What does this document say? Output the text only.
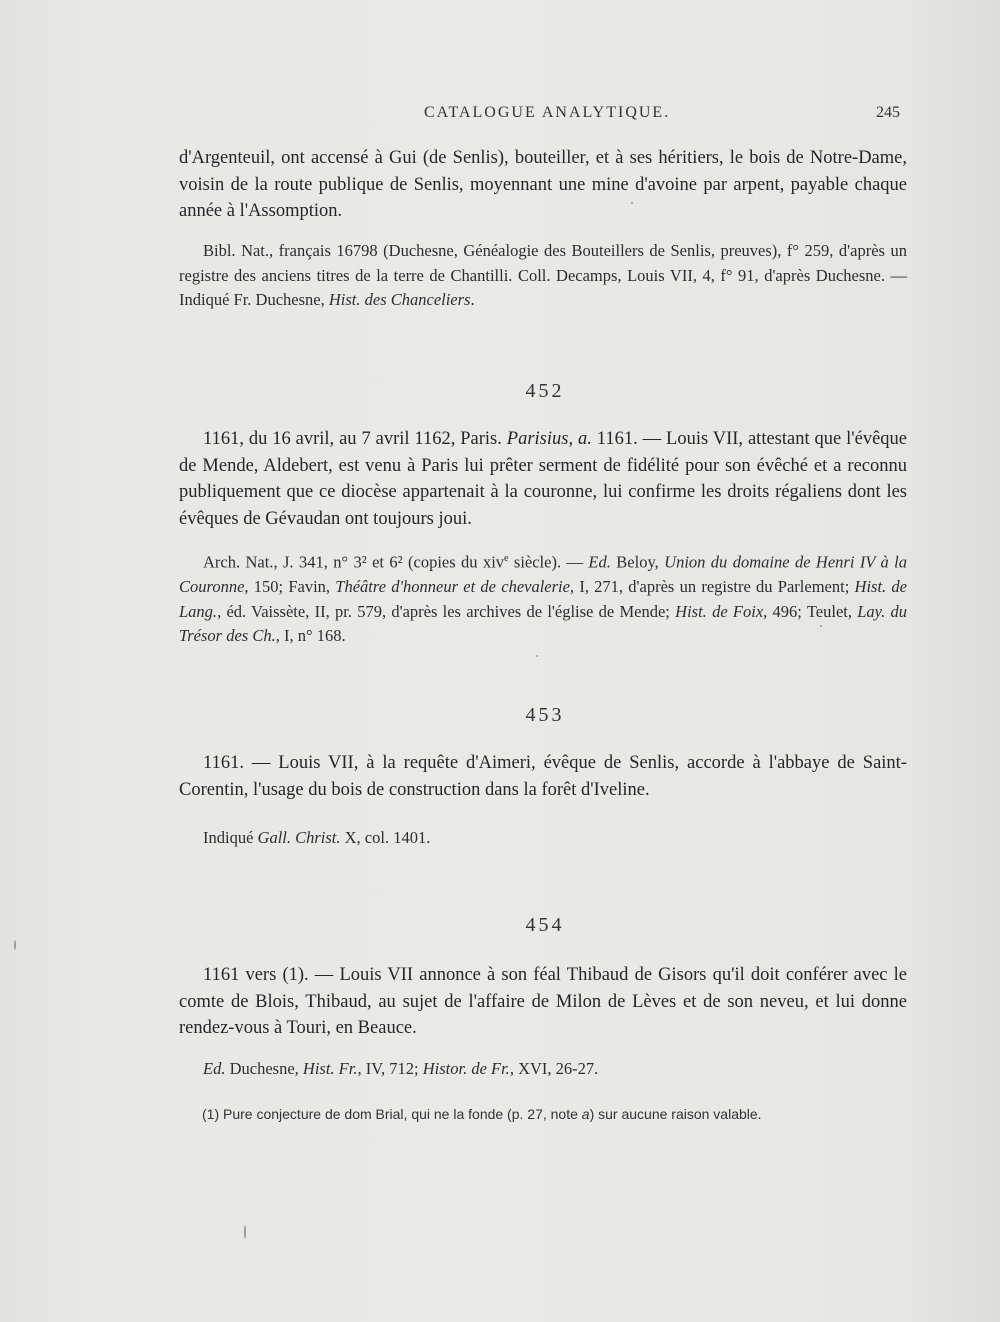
CATALOGUE ANALYTIQUE.	245
d'Argenteuil, ont accensé à Gui (de Senlis), bouteiller, et à ses héritiers, le bois de Notre-Dame, voisin de la route publique de Senlis, moyennant une mine d'avoine par arpent, payable chaque année à l'Assomption.
Bibl. Nat., français 16798 (Duchesne, Généalogie des Bouteillers de Senlis, preuves), f° 259, d'après un registre des anciens titres de la terre de Chantilli. Coll. Decamps, Louis VII, 4, f° 91, d'après Duchesne. — Indiqué Fr. Duchesne, Hist. des Chanceliers.
452
1161, du 16 avril, au 7 avril 1162, Paris. Parisius, a. 1161. — Louis VII, attestant que l'évêque de Mende, Aldebert, est venu à Paris lui prêter serment de fidélité pour son évêché et a reconnu publiquement que ce diocèse appartenait à la couronne, lui confirme les droits régaliens dont les évêques de Gévaudan ont toujours joui.
Arch. Nat., J. 341, n° 3² et 6² (copies du xiv$^e$ siècle). — Ed. Beloy, Union du domaine de Henri IV à la Couronne, 150; Favin, Théâtre d'honneur et de chevalerie, I, 271, d'après un registre du Parlement; Hist. de Lang., éd. Vaissète, II, pr. 579, d'après les archives de l'église de Mende; Hist. de Foix, 496; Teulet, Lay. du Trésor des Ch., I, n° 168.
453
1161. — Louis VII, à la requête d'Aimeri, évêque de Senlis, accorde à l'abbaye de Saint-Corentin, l'usage du bois de construction dans la forêt d'Iveline.
Indiqué Gall. Christ. X, col. 1401.
454
1161 vers (1). — Louis VII annonce à son féal Thibaud de Gisors qu'il doit conférer avec le comte de Blois, Thibaud, au sujet de l'affaire de Milon de Lèves et de son neveu, et lui donne rendez-vous à Touri, en Beauce.
Ed. Duchesne, Hist. Fr., IV, 712; Histor. de Fr., XVI, 26-27.
(1) Pure conjecture de dom Brial, qui ne la fonde (p. 27, note a) sur aucune raison valable.
